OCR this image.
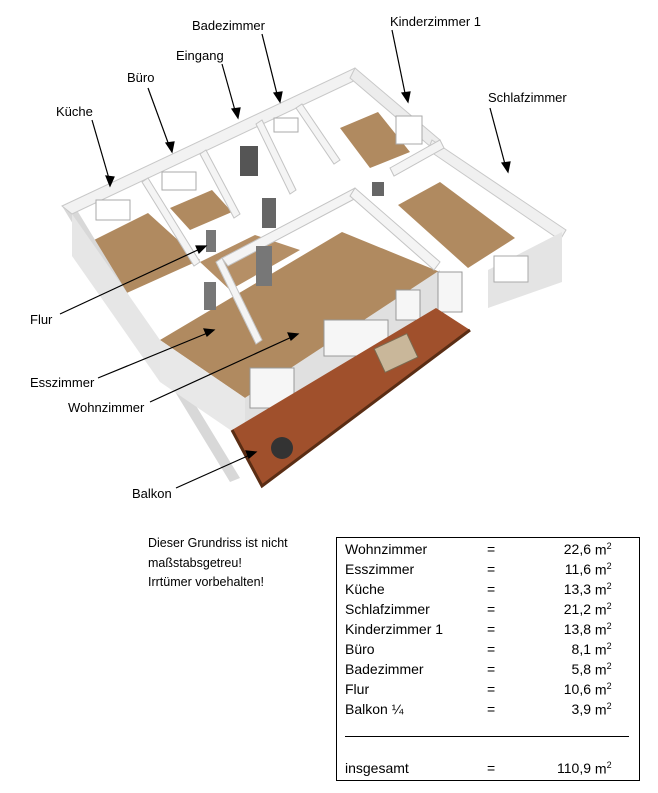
Küche
Büro
Eingang
Badezimmer	Kinderzimmer 1
Schlafzimmer
Flur
Esszimmer
Wohnzimmer
Balkon
Dieser Grundriss ist nicht
maßstabsgetreu!
Irrtümer vorbehalten!
Wohnzimmer	=	22,6 $m^2$
Esszimmer	=	11,6 $m^2$
Küche	=	13,3 $m^2$
Schlafzimmer	=	21,2 $m^2$
Kinderzimmer 1	=	13,8 $m^2$
Büro	=	8,1 $m^2$
Badezimmer	=	5,8 $m^2$
Flur	=	10,6 $m^2$
Balkon ¼	=	3,9 $m^2$
insgesamt	=	110,9 $m^2$
